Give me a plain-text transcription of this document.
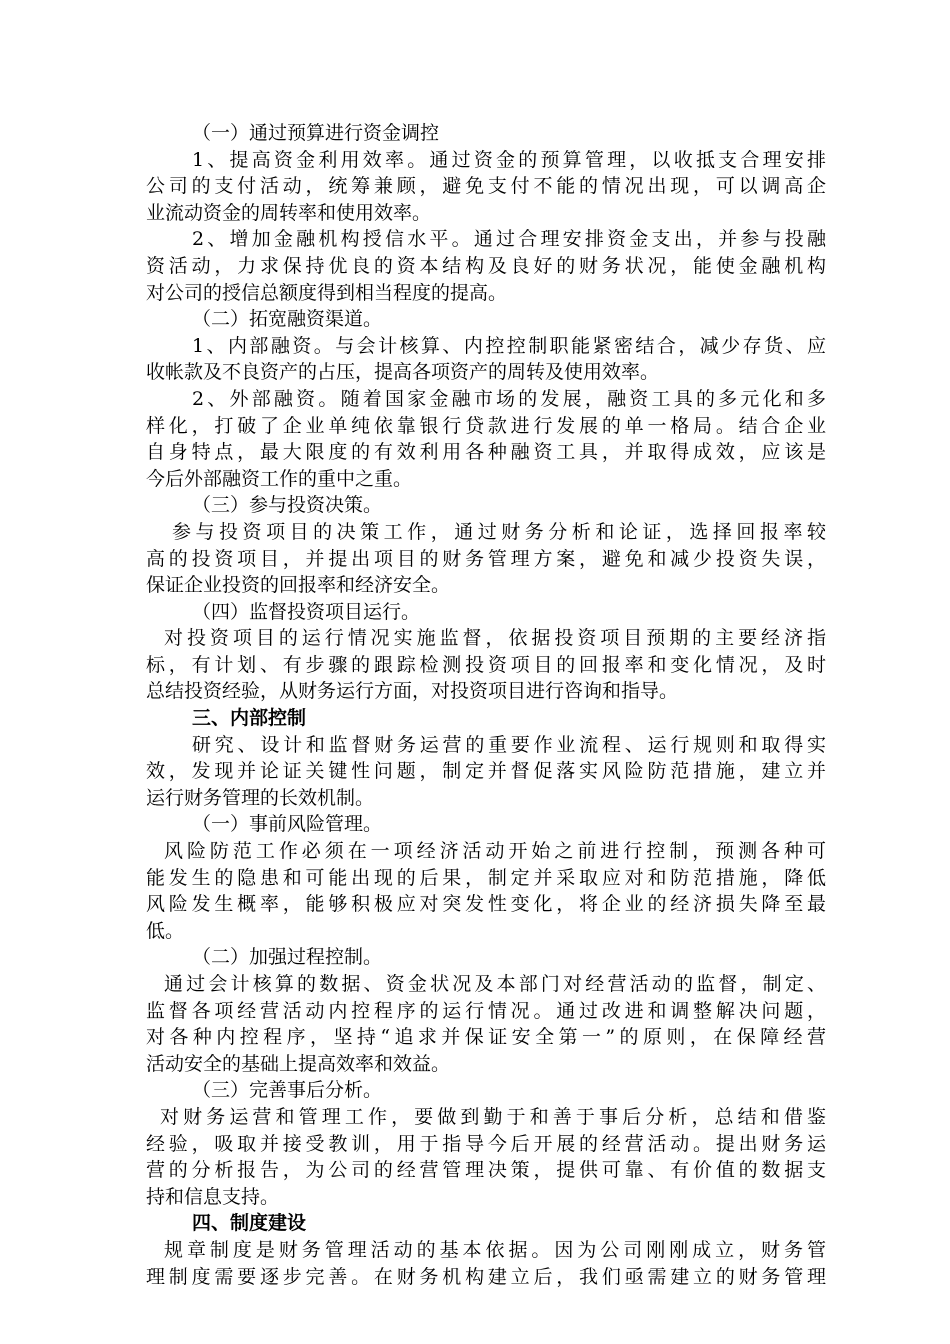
（一）通过预算进行资金调控
1、提高资金利用效率。通过资金的预算管理，以收抵支合理安排
公司的支付活动，统筹兼顾，避免支付不能的情况出现，可以调高企
业流动资金的周转率和使用效率。
2、增加金融机构授信水平。通过合理安排资金支出，并参与投融
资活动，力求保持优良的资本结构及良好的财务状况，能使金融机构
对公司的授信总额度得到相当程度的提高。
（二）拓宽融资渠道。
1、内部融资。与会计核算、内控控制职能紧密结合，减少存货、应
收帐款及不良资产的占压，提高各项资产的周转及使用效率。
2、外部融资。随着国家金融市场的发展，融资工具的多元化和多
样化，打破了企业单纯依靠银行贷款进行发展的单一格局。结合企业
自身特点，最大限度的有效利用各种融资工具，并取得成效，应该是
今后外部融资工作的重中之重。
（三）参与投资决策。
参与投资项目的决策工作，通过财务分析和论证，选择回报率较
高的投资项目，并提出项目的财务管理方案，避免和减少投资失误，
保证企业投资的回报率和经济安全。
（四）监督投资项目运行。
对投资项目的运行情况实施监督，依据投资项目预期的主要经济指
标，有计划、有步骤的跟踪检测投资项目的回报率和变化情况，及时
总结投资经验，从财务运行方面，对投资项目进行咨询和指导。
三、内部控制
研究、设计和监督财务运营的重要作业流程、运行规则和取得实
效，发现并论证关键性问题，制定并督促落实风险防范措施，建立并
运行财务管理的长效机制。
（一）事前风险管理。
风险防范工作必须在一项经济活动开始之前进行控制，预测各种可
能发生的隐患和可能出现的后果，制定并采取应对和防范措施，降低
风险发生概率，能够积极应对突发性变化，将企业的经济损失降至最
低。
（二）加强过程控制。
通过会计核算的数据、资金状况及本部门对经营活动的监督，制定、
监督各项经营活动内控程序的运行情况。通过改进和调整解决问题，
对各种内控程序，坚持“追求并保证安全第一”的原则，在保障经营
活动安全的基础上提高效率和效益。
（三）完善事后分析。
对财务运营和管理工作，要做到勤于和善于事后分析，总结和借鉴
经验，吸取并接受教训，用于指导今后开展的经营活动。提出财务运
营的分析报告，为公司的经营管理决策，提供可靠、有价值的数据支
持和信息支持。
四、制度建设
规章制度是财务管理活动的基本依据。因为公司刚刚成立，财务管
理制度需要逐步完善。在财务机构建立后，我们亟需建立的财务管理
